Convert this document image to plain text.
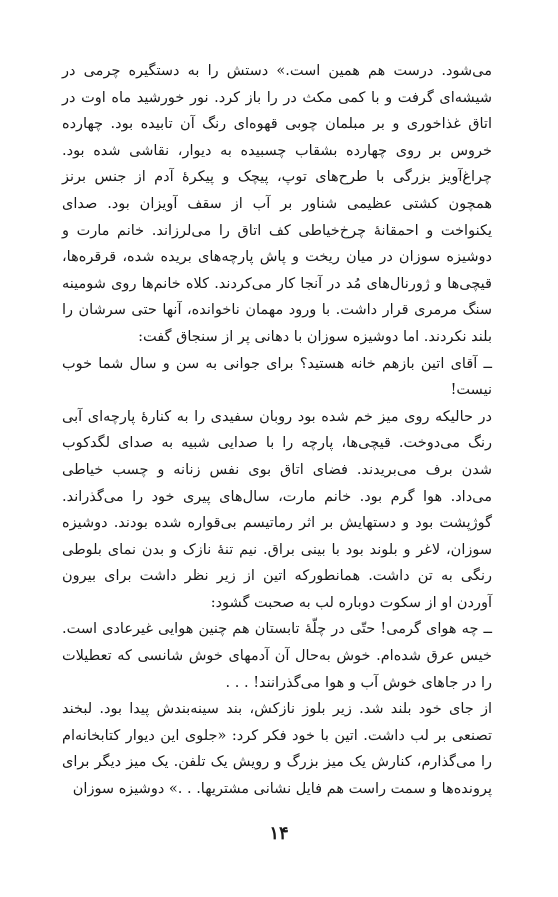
می‌شود. درست هم همین است.» دستش را به دستگیره چرمی در شیشه‌ای گرفت و با کمی مکث در را باز کرد. نور خورشید ماه اوت در اتاق غذاخوری و بر مبلمان چوبی قهوه‌ای رنگ آن تابیده بود. چهارده خروس بر روی چهارده بشقاب چسبیده به دیوار، نقاشی شده بود. چراغ‌آویز بزرگی با طرح‌های توپ، پیچک و پیکرهٔ آدم از جنس برنز همچون کشتی عظیمی شناور بر آب از سقف آویزان بود. صدای یکنواخت و احمقانهٔ چرخ‌خیاطی کف اتاق را می‌لرزاند. خانم مارت و دوشیزه سوزان در میان ریخت و پاش پارچه‌های بریده شده، قرقره‌ها، قیچی‌ها و ژورنال‌های مُد در آنجا کار می‌کردند. کلاه خانم‌ها روی شومینه سنگ مرمری قرار داشت. با ورود مهمان ناخوانده، آنها حتی سرشان را بلند نکردند. اما دوشیزه سوزان با دهانی پر از سنجاق گفت:

ــ آقای اتین بازهم خانه هستید؟ برای جوانی به سن و سال شما خوب نیست!

در حالیکه روی میز خم شده بود روبان سفیدی را به کنارهٔ پارچه‌ای آبی رنگ می‌دوخت. قیچی‌ها، پارچه را با صدایی شبیه به صدای لگدکوب شدن برف می‌بریدند. فضای اتاق بوی نفس زنانه و چسب خیاطی می‌داد. هوا گرم بود. خانم مارت، سال‌های پیری خود را می‌گذراند. گوژپشت بود و دستهایش بر اثر رماتیسم بی‌قواره شده بودند. دوشیزه سوزان، لاغر و بلوند بود با بینی براق. نیم تنهٔ نازک و بدن نمای بلوطی رنگی به تن داشت. همانطورکه اتین از زیر نظر داشت برای بیرون آوردن او از سکوت دوباره لب به صحبت گشود:

ــ چه هوای گرمی! حتّی در چلّهٔ تابستان هم چنین هوایی غیرعادی است. خیس عرق شده‌ام. خوش به‌حال آن آدمهای خوش شانسی که تعطیلات را در جاهای خوش آب و هوا می‌گذرانند! . . .

از جای خود بلند شد. زیر بلوز نازکش، بند سینه‌بندش پیدا بود. لبخند تصنعی بر لب داشت. اتین با خود فکر کرد: «جلوی این دیوار کتابخانه‌ام را می‌گذارم، کنارش یک میز بزرگ و رویش یک تلفن. یک میز دیگر برای پرونده‌ها و سمت راست هم فایل نشانی مشتریها. . .» دوشیزه سوزان

۱۴
